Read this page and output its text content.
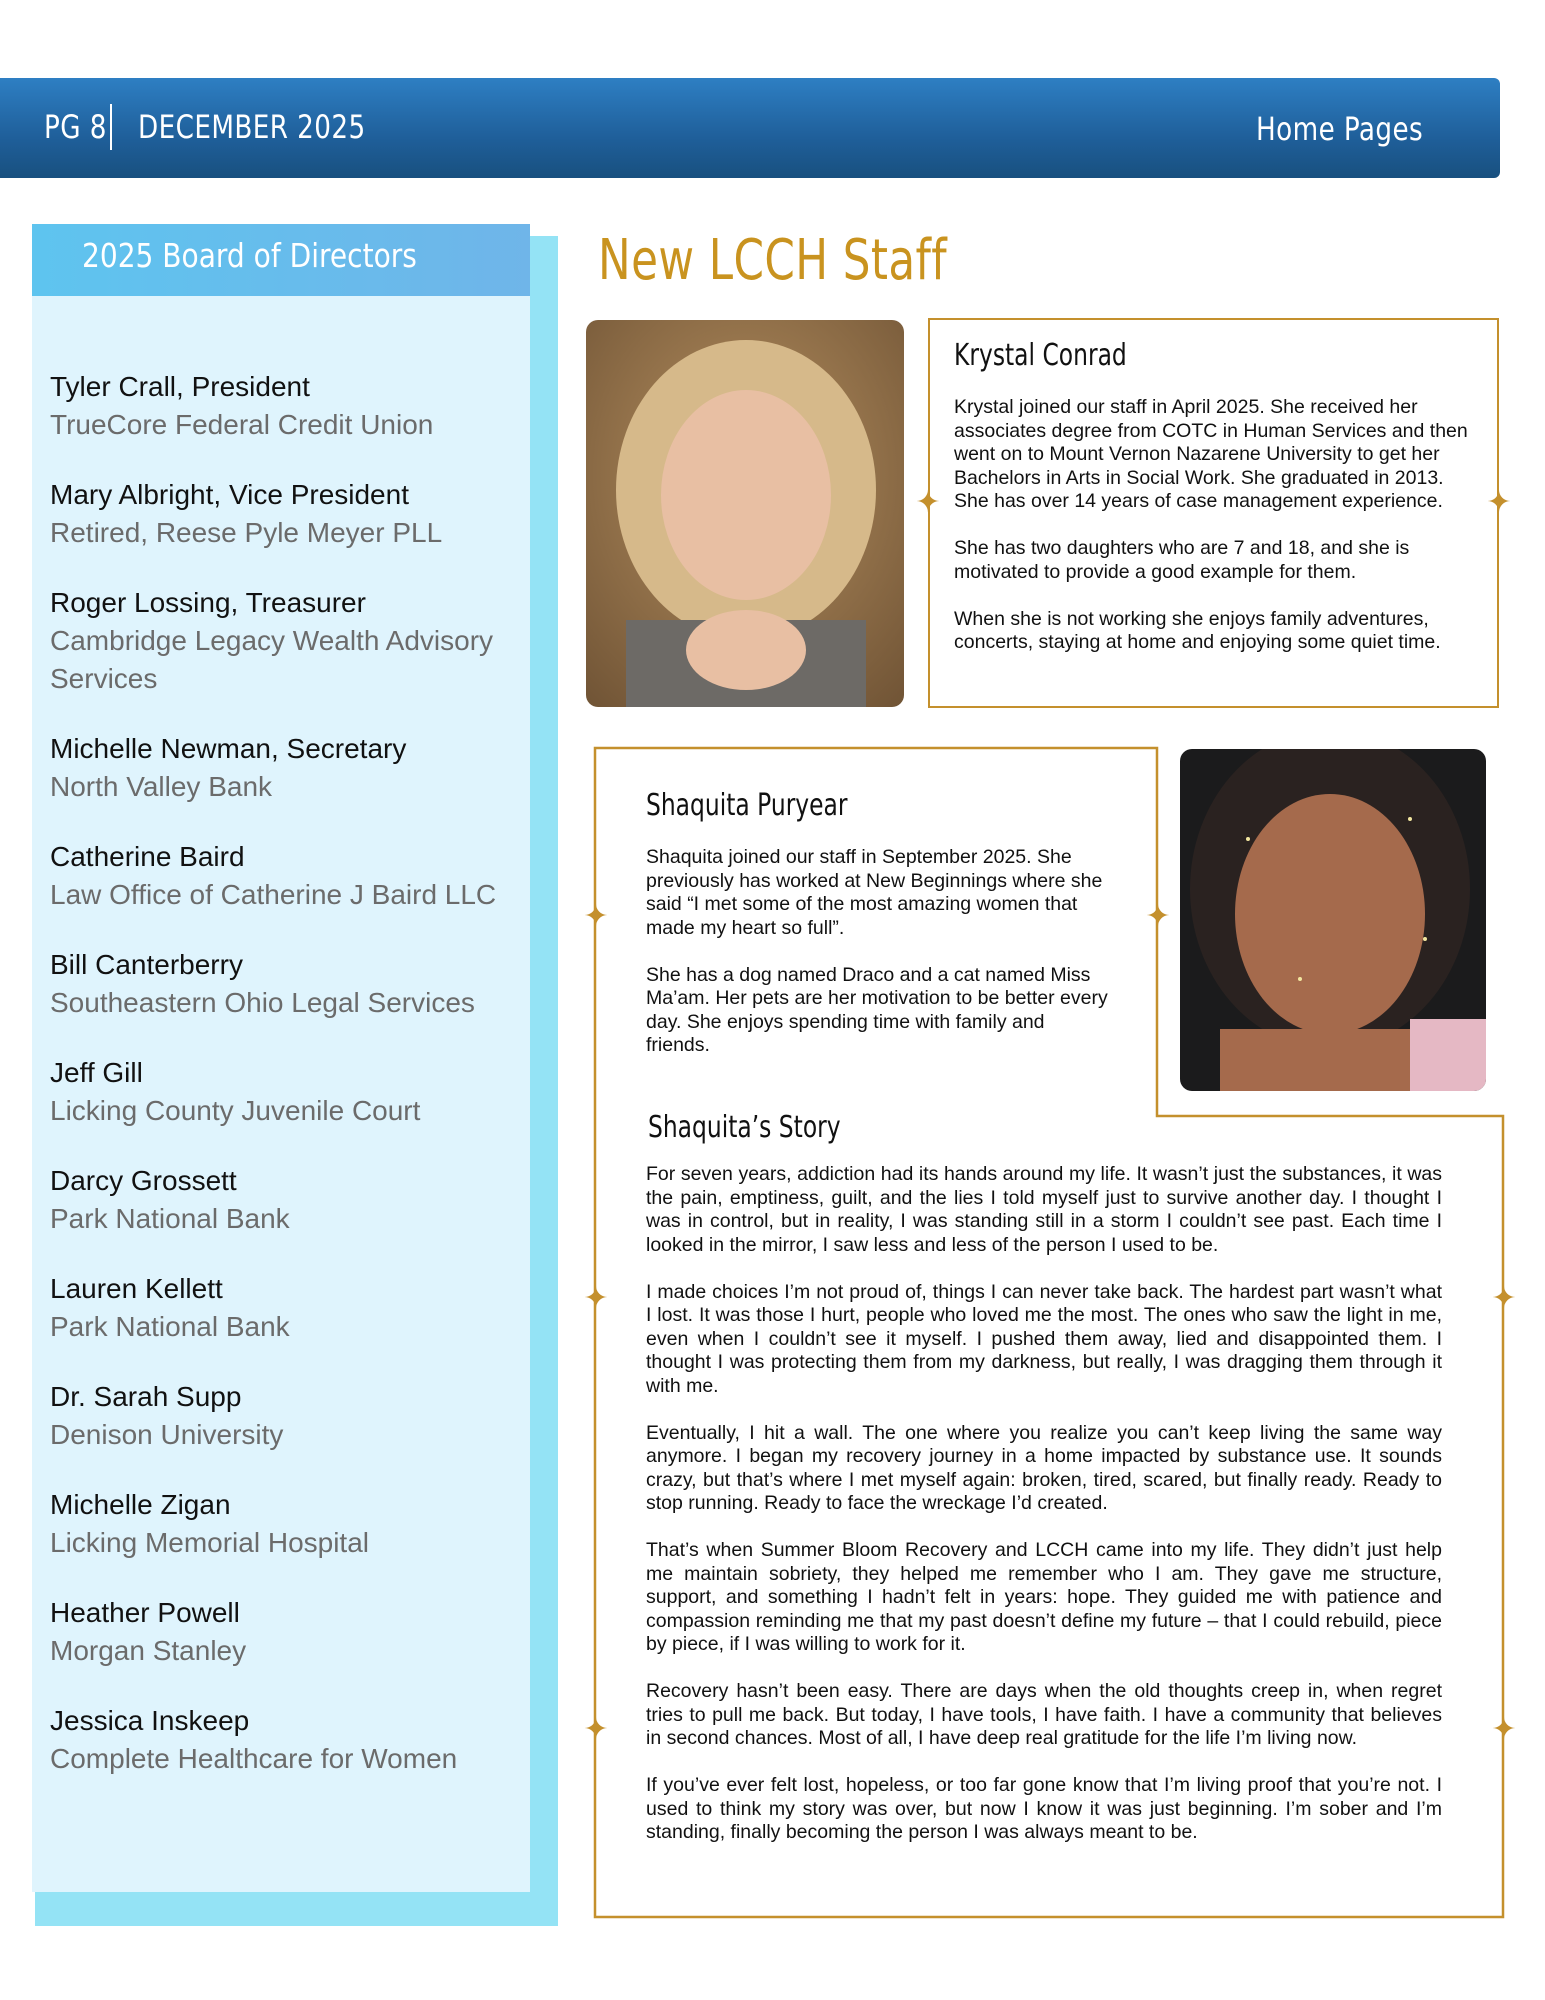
PG 8 DECEMBER 2025	Home Pages
2025 Board of Directors
Tyler Crall, President
TrueCore Federal Credit Union
Mary Albright, Vice President
Retired, Reese Pyle Meyer PLL
Roger Lossing, Treasurer
Cambridge Legacy Wealth Advisory Services
Michelle Newman, Secretary
North Valley Bank
Catherine Baird
Law Office of Catherine J Baird LLC
Bill Canterberry
Southeastern Ohio Legal Services
Jeff Gill
Licking County Juvenile Court
Darcy Grossett
Park National Bank
Lauren Kellett
Park National Bank
Dr. Sarah Supp
Denison University
Michelle Zigan
Licking Memorial Hospital
Heather Powell
Morgan Stanley
Jessica Inskeep
Complete Healthcare for Women
New LCCH Staff
✦	✦
Krystal Conrad

Krystal joined our staff in April 2025. She received her associates degree from COTC in Human Services and then went on to Mount Vernon Nazarene University to get her Bachelors in Arts in Social Work. She graduated in 2013. She has over 14 years of case management experience.

She has two daughters who are 7 and 18, and she is motivated to provide a good example for them.

When she is not working she enjoys family adventures, concerts, staying at home and enjoying some quiet time.

✦	✦
✦	✦
✦	✦
Shaquita Puryear

Shaquita joined our staff in September 2025. She previously has worked at New Beginnings where she said “I met some of the most amazing women that made my heart so full”.

She has a dog named Draco and a cat named Miss Ma’am. Her pets are her motivation to be better every day. She enjoys spending time with family and friends.

Shaquita’s Story

For seven years, addiction had its hands around my life. It wasn’t just the substances, it was the pain, emptiness, guilt, and the lies I told myself just to survive another day. I thought I was in control, but in reality, I was standing still in a storm I couldn’t see past. Each time I looked in the mirror, I saw less and less of the person I used to be.

I made choices I’m not proud of, things I can never take back. The hardest part wasn’t what I lost. It was those I hurt, people who loved me the most. The ones who saw the light in me, even when I couldn’t see it myself. I pushed them away, lied and disappointed them. I thought I was protecting them from my darkness, but really, I was dragging them through it with me.

Eventually, I hit a wall. The one where you realize you can’t keep living the same way anymore. I began my recovery journey in a home impacted by substance use. It sounds crazy, but that’s where I met myself again: broken, tired, scared, but finally ready. Ready to stop running. Ready to face the wreckage I’d created.

That’s when Summer Bloom Recovery and LCCH came into my life. They didn’t just help me maintain sobriety, they helped me remember who I am. They gave me structure, support, and something I hadn’t felt in years: hope. They guided me with patience and compassion reminding me that my past doesn’t define my future – that I could rebuild, piece by piece, if I was willing to work for it.

Recovery hasn’t been easy. There are days when the old thoughts creep in, when regret tries to pull me back. But today, I have tools, I have faith. I have a community that believes in second chances. Most of all, I have deep real gratitude for the life I’m living now.

If you’ve ever felt lost, hopeless, or too far gone know that I’m living proof that you’re not. I used to think my story was over, but now I know it was just beginning. I’m sober and I’m standing, finally becoming the person I was always meant to be.
